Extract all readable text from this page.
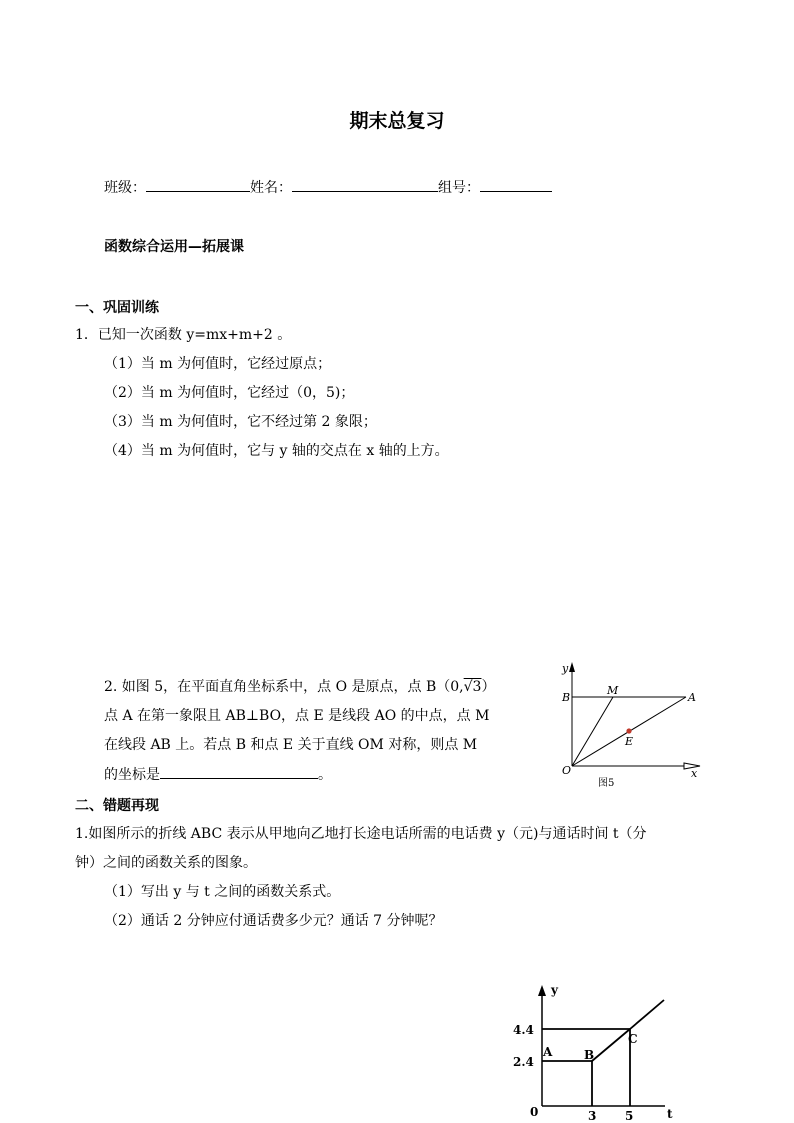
期末总复习
班级：	姓名：	组号：
函数综合运用—拓展课
一、巩固训练
1．已知一次函数 y=mx+m+2 。
（1）当 m 为何值时，它经过原点；
（2）当 m 为何值时，它经过（0，5)；
（3）当 m 为何值时，它不经过第 2 象限；
（4）当 m 为何值时，它与 y 轴的交点在 x 轴的上方。
2. 如图 5，在平面直角坐标系中，点 O 是原点，点 B（0,√3）
点 A 在第一象限且 AB⊥BO，点 E 是线段 AO 的中点，点 M
在线段 AB 上。若点 B 和点 E 关于直线 OM 对称，则点 M
的坐标是	。
y
x
B
M
A
E
O
图5
二、错题再现
1.如图所示的折线 ABC 表示从甲地向乙地打长途电话所需的电话费 y（元)与通话时间 t（分
钟）之间的函数关系的图象。
（1）写出 y 与 t 之间的函数关系式。
（2）通话 2 分钟应付通话费多少元？通话 7 分钟呢？
y
t
4.4
2.4
0	3 5
A	B
C
